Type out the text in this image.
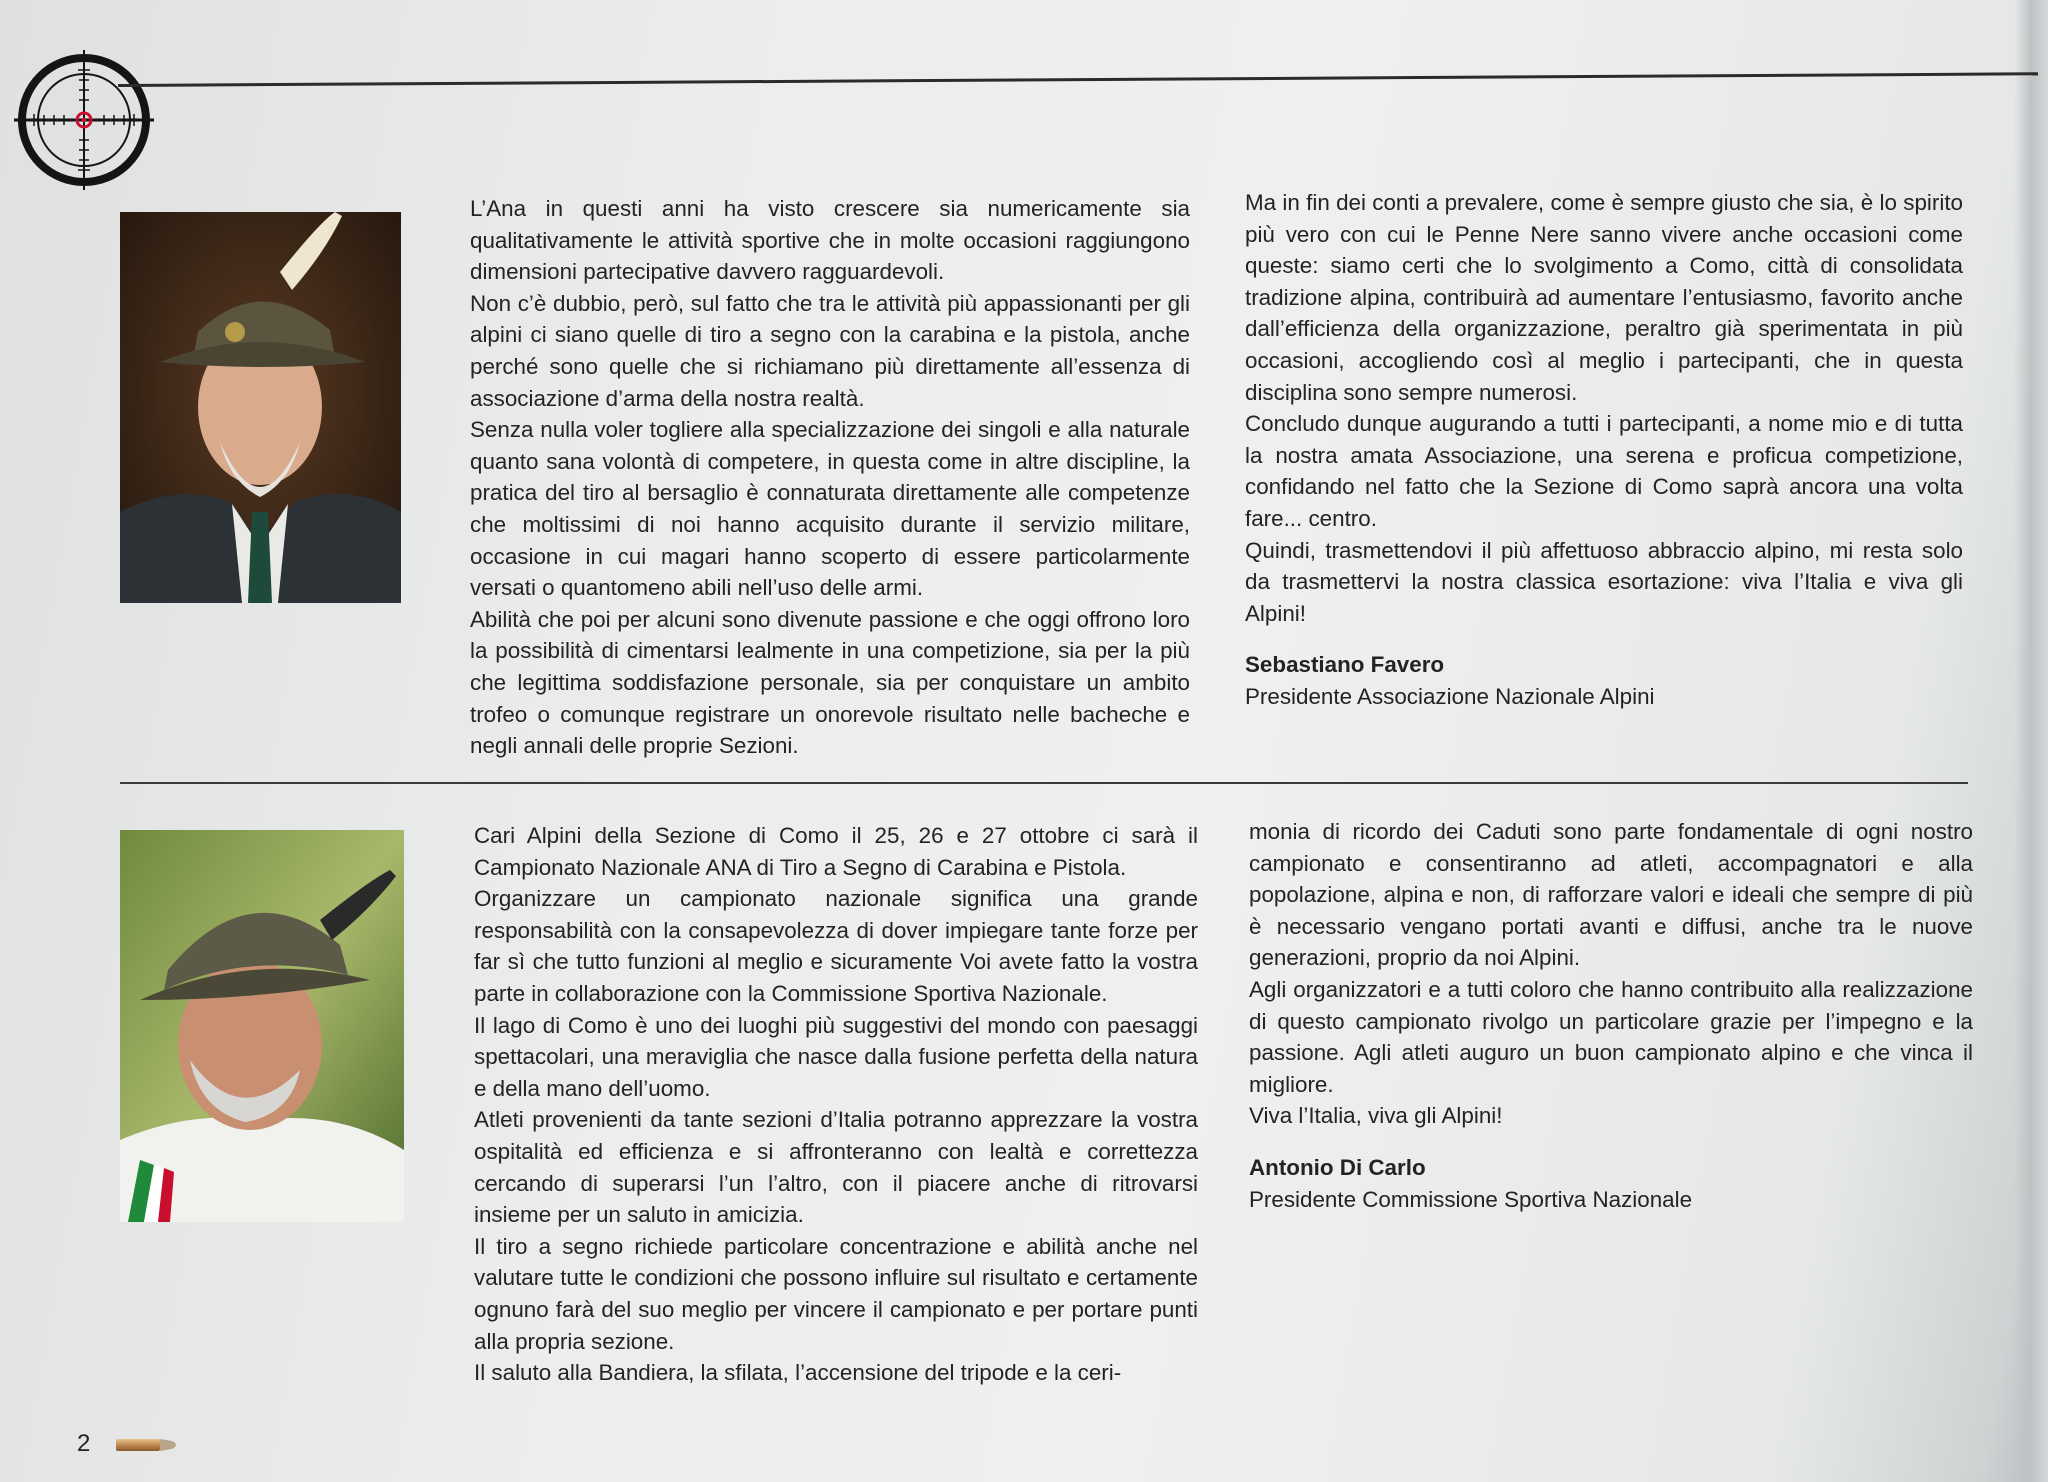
L’Ana in questi anni ha visto crescere sia numericamente sia qualitativamente le attività sportive che in molte occasioni raggiungono dimensioni partecipative davvero ragguardevoli.

Non c’è dubbio, però, sul fatto che tra le attività più appassionanti per gli alpini ci siano quelle di tiro a segno con la carabina e la pistola, anche perché sono quelle che si richiamano più direttamente all’essenza di associazione d’arma della nostra realtà.

Senza nulla voler togliere alla specializzazione dei singoli e alla naturale quanto sana volontà di competere, in questa come in altre discipline, la pratica del tiro al bersaglio è connaturata direttamente alle competenze che moltissimi di noi hanno acquisito durante il servizio militare, occasione in cui magari hanno scoperto di essere particolarmente versati o quantomeno abili nell’uso delle armi.

Abilità che poi per alcuni sono divenute passione e che oggi offrono loro la possibilità di cimentarsi lealmente in una competizione, sia per la più che legittima soddisfazione personale, sia per conquistare un ambito trofeo o comunque registrare un onorevole risultato nelle bacheche e negli annali delle proprie Sezioni.

Ma in fin dei conti a prevalere, come è sempre giusto che sia, è lo spirito più vero con cui le Penne Nere sanno vivere anche occasioni come queste: siamo certi che lo svolgimento a Como, città di consolidata tradizione alpina, contribuirà ad aumentare l’entusiasmo, favorito anche dall’efficienza della organizzazione, peraltro già sperimentata in più occasioni, accogliendo così al meglio i partecipanti, che in questa disciplina sono sempre numerosi.

Concludo dunque augurando a tutti i partecipanti, a nome mio e di tutta la nostra amata Associazione, una serena e proficua competizione, confidando nel fatto che la Sezione di Como saprà ancora una volta fare... centro.

Quindi, trasmettendovi il più affettuoso abbraccio alpino, mi resta solo da trasmettervi la nostra classica esortazione: viva l’Italia e viva gli Alpini!

Sebastiano Favero
Presidente Associazione Nazionale Alpini

Cari Alpini della Sezione di Como il 25, 26 e 27 ottobre ci sarà il Campionato Nazionale ANA di Tiro a Segno di Carabina e Pistola.

Organizzare un campionato nazionale significa una grande responsabilità con la consapevolezza di dover impiegare tante forze per far sì che tutto funzioni al meglio e sicuramente Voi avete fatto la vostra parte in collaborazione con la Commissione Sportiva Nazionale.

Il lago di Como è uno dei luoghi più suggestivi del mondo con paesaggi spettacolari, una meraviglia che nasce dalla fusione perfetta della natura e della mano dell’uomo.

Atleti provenienti da tante sezioni d’Italia potranno apprezzare la vostra ospitalità ed efficienza e si affronteranno con lealtà e correttezza cercando di superarsi l’un l’altro, con il piacere anche di ritrovarsi insieme per un saluto in amicizia.

Il tiro a segno richiede particolare concentrazione e abilità anche nel valutare tutte le condizioni che possono influire sul risultato e certamente ognuno farà del suo meglio per vincere il campionato e per portare punti alla propria sezione.

Il saluto alla Bandiera, la sfilata, l’accensione del tripode e la ceri-

monia di ricordo dei Caduti sono parte fondamentale di ogni nostro campionato e consentiranno ad atleti, accompagnatori e alla popolazione, alpina e non, di rafforzare valori e ideali che sempre di più è necessario vengano portati avanti e diffusi, anche tra le nuove generazioni, proprio da noi Alpini.

Agli organizzatori e a tutti coloro che hanno contribuito alla realizzazione di questo campionato rivolgo un particolare grazie per l’impegno e la passione. Agli atleti auguro un buon campionato alpino e che vinca il migliore.

Viva l’Italia, viva gli Alpini!

Antonio Di Carlo
Presidente Commissione Sportiva Nazionale
2
